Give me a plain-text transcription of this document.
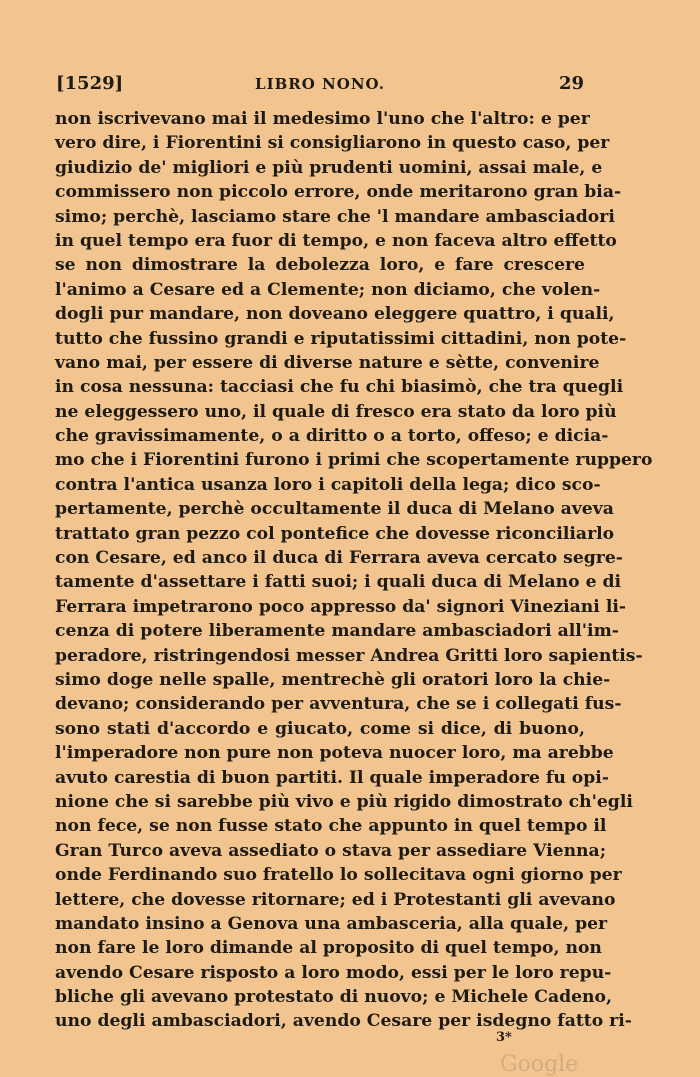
[1529]	LIBRO NONO.	29
non iscrivevano mai il medesimo l'uno che l'altro: e per
vero dire, i Fiorentini si consigliarono in questo caso, per
giudizio de' migliori e più prudenti uomini, assai male, e
commissero non piccolo errore, onde meritarono gran bia-
simo; perchè, lasciamo stare che 'l mandare ambasciadori
in quel tempo era fuor di tempo, e non faceva altro effetto
se non dimostrare la debolezza loro, e fare crescere
l'animo a Cesare ed a Clemente; non diciamo, che volen-
dogli pur mandare, non doveano eleggere quattro, i quali,
tutto che fussino grandi e riputatissimi cittadini, non pote-
vano mai, per essere di diverse nature e sètte, convenire
in cosa nessuna: tacciasi che fu chi biasimò, che tra quegli
ne eleggessero uno, il quale di fresco era stato da loro più
che gravissimamente, o a diritto o a torto, offeso; e dicia-
mo che i Fiorentini furono i primi che scopertamente ruppero
contra l'antica usanza loro i capitoli della lega; dico sco-
pertamente, perchè occultamente il duca di Melano aveva
trattato gran pezzo col pontefice che dovesse riconciliarlo
con Cesare, ed anco il duca di Ferrara aveva cercato segre-
tamente d'assettare i fatti suoi; i quali duca di Melano e di
Ferrara impetrarono poco appresso da' signori Vineziani li-
cenza di potere liberamente mandare ambasciadori all'im-
peradore, ristringendosi messer Andrea Gritti loro sapientis-
simo doge nelle spalle, mentrechè gli oratori loro la chie-
devano; considerando per avventura, che se i collegati fus-
sono stati d'accordo e giucato, come si dice, di buono,
l'imperadore non pure non poteva nuocer loro, ma arebbe
avuto carestia di buon partiti. Il quale imperadore fu opi-
nione che si sarebbe più vivo e più rigido dimostrato ch'egli
non fece, se non fusse stato che appunto in quel tempo il
Gran Turco aveva assediato o stava per assediare Vienna;
onde Ferdinando suo fratello lo sollecitava ogni giorno per
lettere, che dovesse ritornare; ed i Protestanti gli avevano
mandato insino a Genova una ambasceria, alla quale, per
non fare le loro dimande al proposito di quel tempo, non
avendo Cesare risposto a loro modo, essi per le loro repu-
bliche gli avevano protestato di nuovo; e Michele Cadeno,
uno degli ambasciadori, avendo Cesare per isdegno fatto ri-
3*
Google
